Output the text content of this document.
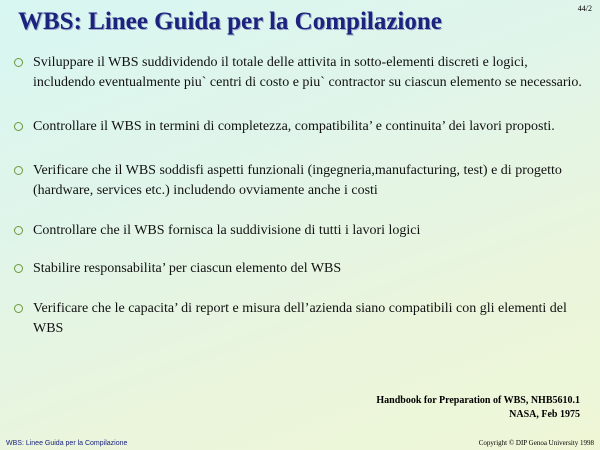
WBS: Linee Guida per la Compilazione	44/2
Sviluppare il WBS suddividendo il totale delle attivita in sotto-elementi discreti e logici, includendo eventualmente piu` centri di costo e piu` contractor su ciascun elemento se necessario.
Controllare il WBS in termini di completezza, compatibilita’ e continuita’ dei lavori proposti.
Verificare che il WBS soddisfi aspetti funzionali (ingegneria,manufacturing, test) e di progetto (hardware, services etc.) includendo ovviamente anche i costi
Controllare che il WBS fornisca la suddivisione di tutti i lavori logici
Stabilire responsabilita’ per ciascun elemento del WBS
Verificare che le capacita’ di report e misura dell’azienda siano compatibili con gli elementi del WBS
Handbook for Preparation of WBS, NHB5610.1
NASA, Feb 1975
WBS: Linee Guida per la Compilazione	Copyright © DIP Genoa University 1998
